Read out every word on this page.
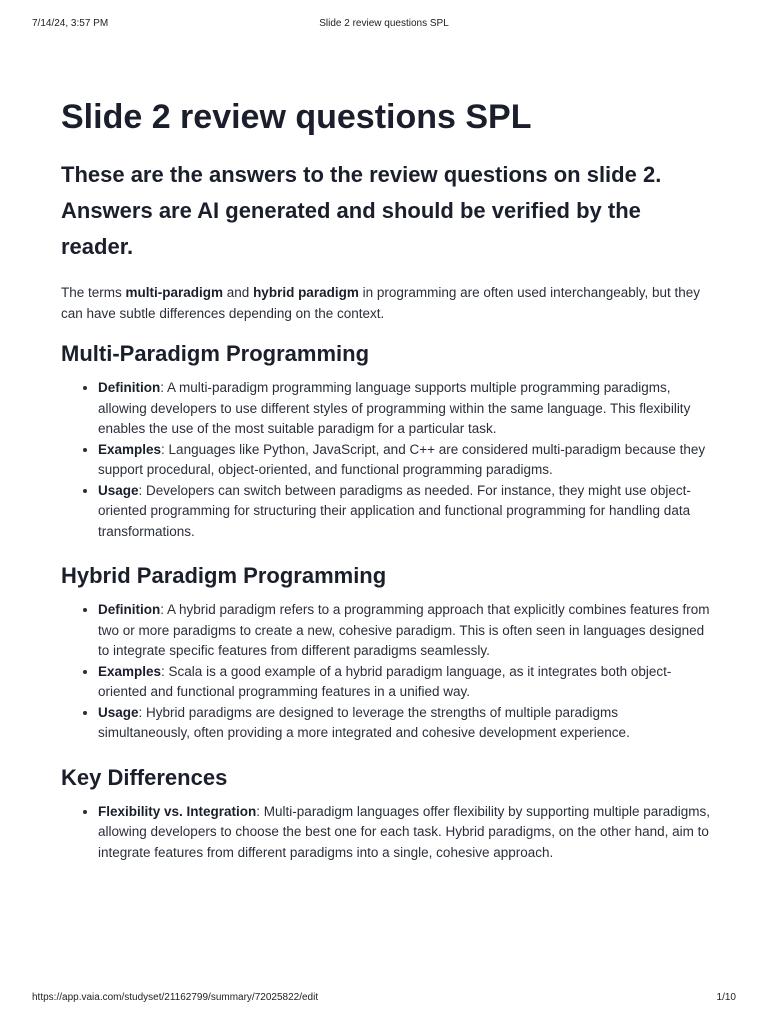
7/14/24, 3:57 PM	Slide 2 review questions SPL
Slide 2 review questions SPL
These are the answers to the review questions on slide 2. Answers are AI generated and should be verified by the reader.

The terms multi-paradigm and hybrid paradigm in programming are often used interchangeably, but they can have subtle differences depending on the context.

Multi-Paradigm Programming
• Definition: A multi-paradigm programming language supports multiple programming paradigms, allowing developers to use different styles of programming within the same language. This flexibility enables the use of the most suitable paradigm for a particular task.
• Examples: Languages like Python, JavaScript, and C++ are considered multi-paradigm because they support procedural, object-oriented, and functional programming paradigms.
• Usage: Developers can switch between paradigms as needed. For instance, they might use object-oriented programming for structuring their application and functional programming for handling data transformations.
Hybrid Paradigm Programming
• Definition: A hybrid paradigm refers to a programming approach that explicitly combines features from two or more paradigms to create a new, cohesive paradigm. This is often seen in languages designed to integrate specific features from different paradigms seamlessly.
• Examples: Scala is a good example of a hybrid paradigm language, as it integrates both object-oriented and functional programming features in a unified way.
• Usage: Hybrid paradigms are designed to leverage the strengths of multiple paradigms simultaneously, often providing a more integrated and cohesive development experience.
Key Differences
• Flexibility vs. Integration: Multi-paradigm languages offer flexibility by supporting multiple paradigms, allowing developers to choose the best one for each task. Hybrid paradigms, on the other hand, aim to integrate features from different paradigms into a single, cohesive approach.
https://app.vaia.com/studyset/21162799/summary/72025822/edit	1/10
